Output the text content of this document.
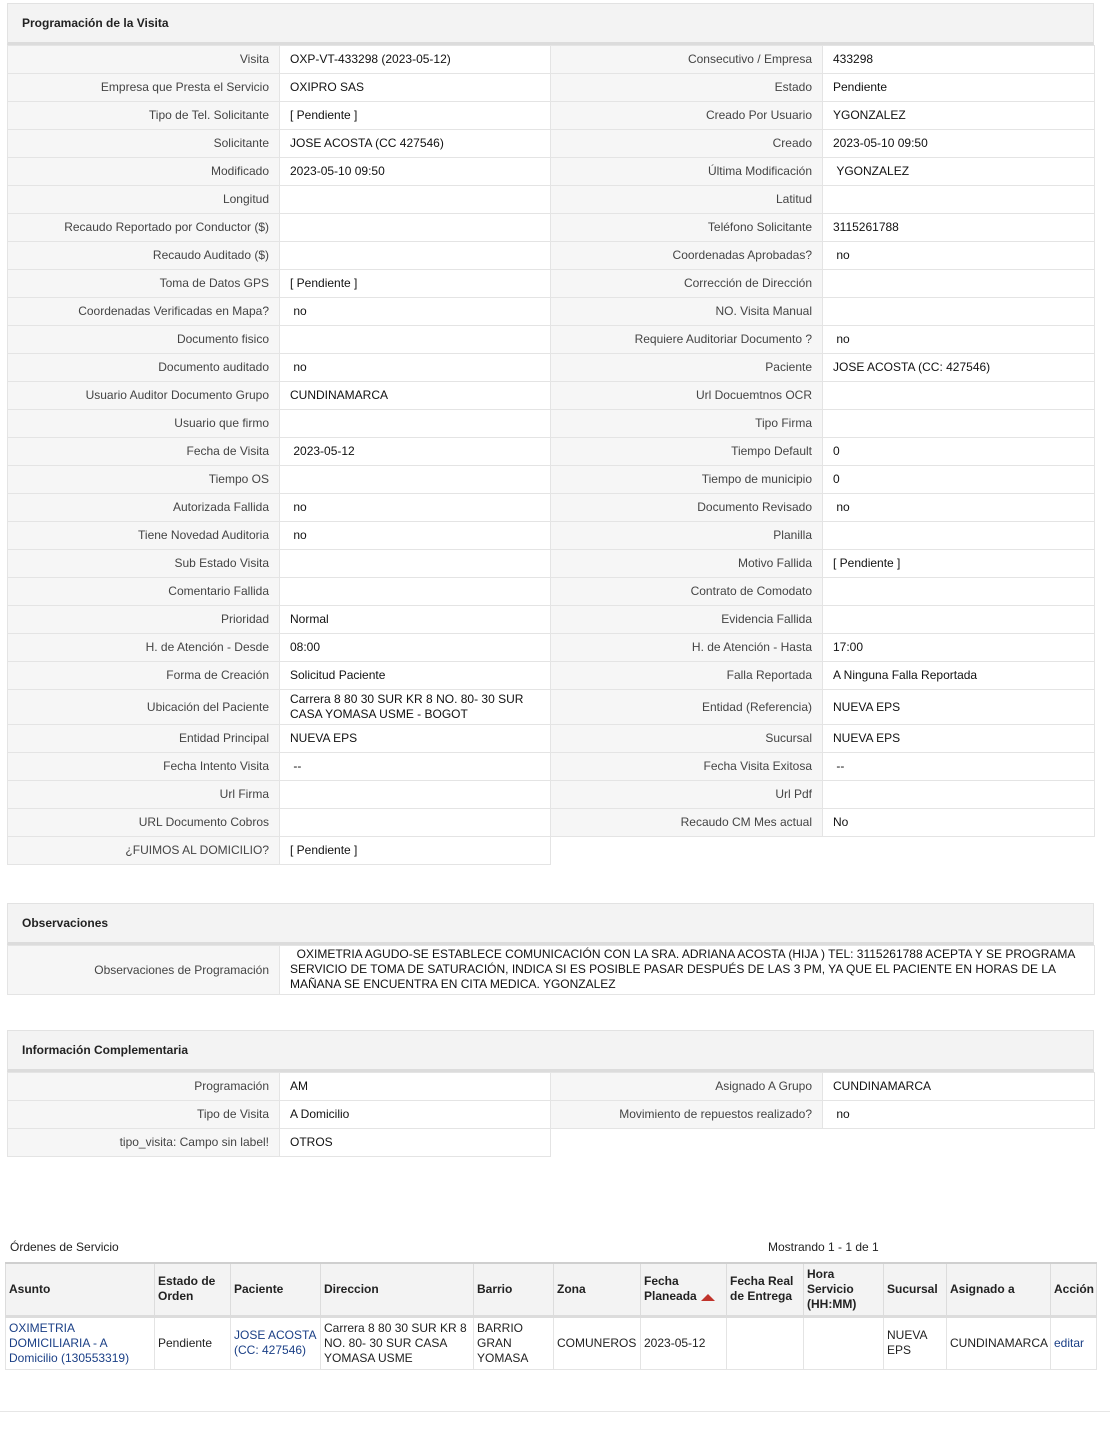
Programación de la Visita
Visita	OXP-VT-433298 (2023-05-12)	Consecutivo / Empresa	433298
Empresa que Presta el Servicio	OXIPRO SAS	Estado	Pendiente
Tipo de Tel. Solicitante	[ Pendiente ]	Creado Por Usuario	YGONZALEZ
Solicitante	JOSE ACOSTA (CC 427546)	Creado	2023-05-10 09:50
Modificado	2023-05-10 09:50	Última Modificación	YGONZALEZ
Longitud		Latitud	
Recaudo Reportado por Conductor ($)		Teléfono Solicitante	3115261788
Recaudo Auditado ($)		Coordenadas Aprobadas?	no
Toma de Datos GPS	[ Pendiente ]	Corrección de Dirección	
Coordenadas Verificadas en Mapa?	no	NO. Visita Manual	
Documento fisico		Requiere Auditoriar Documento ?	no
Documento auditado	no	Paciente	JOSE ACOSTA (CC: 427546)
Usuario Auditor Documento Grupo	CUNDINAMARCA	Url Docuemtnos OCR	
Usuario que firmo		Tipo Firma	
Fecha de Visita	2023-05-12	Tiempo Default	0
Tiempo OS		Tiempo de municipio	0
Autorizada Fallida	no	Documento Revisado	no
Tiene Novedad Auditoria	no	Planilla	
Sub Estado Visita		Motivo Fallida	[ Pendiente ]
Comentario Fallida		Contrato de Comodato	
Prioridad	Normal	Evidencia Fallida	
H. de Atención - Desde	08:00	H. de Atención - Hasta	17:00
Forma de Creación	Solicitud Paciente	Falla Reportada	A Ninguna Falla Reportada
Ubicación del Paciente	Carrera 8 80 30 SUR KR 8 NO. 80- 30 SUR CASA YOMASA USME - BOGOT	Entidad (Referencia)	NUEVA EPS
Entidad Principal	NUEVA EPS	Sucursal	NUEVA EPS
Fecha Intento Visita	--	Fecha Visita Exitosa	--
Url Firma		Url Pdf	
URL Documento Cobros		Recaudo CM Mes actual	No
¿FUIMOS AL DOMICILIO?	[ Pendiente ]		
Observaciones
Observaciones de Programación	OXIMETRIA AGUDO-SE ESTABLECE COMUNICACIÓN CON LA SRA. ADRIANA ACOSTA (HIJA ) TEL: 3115261788 ACEPTA Y SE PROGRAMA SERVICIO DE TOMA DE SATURACIÓN, INDICA SI ES POSIBLE PASAR DESPUÉS DE LAS 3 PM, YA QUE EL PACIENTE EN HORAS DE LA MAÑANA SE ENCUENTRA EN CITA MEDICA. YGONZALEZ
Información Complementaria
Programación	AM	Asignado A Grupo	CUNDINAMARCA
Tipo de Visita	A Domicilio	Movimiento de repuestos realizado?	no
tipo_visita: Campo sin label!	OTROS		
Órdenes de Servicio	Mostrando 1 - 1 de 1
Asunto	Estado de Orden	Paciente	Direccion	Barrio	Zona	Fecha Planeada	Fecha Real de Entrega	Hora Servicio (HH:MM)	Sucursal	Asignado a	Acción
OXIMETRIA DOMICILIARIA - A Domicilio (130553319)	Pendiente	JOSE ACOSTA (CC: 427546)	Carrera 8 80 30 SUR KR 8 NO. 80- 30 SUR CASA YOMASA USME	BARRIO GRAN YOMASA	COMUNEROS	2023-05-12			NUEVA EPS	CUNDINAMARCA	editar
